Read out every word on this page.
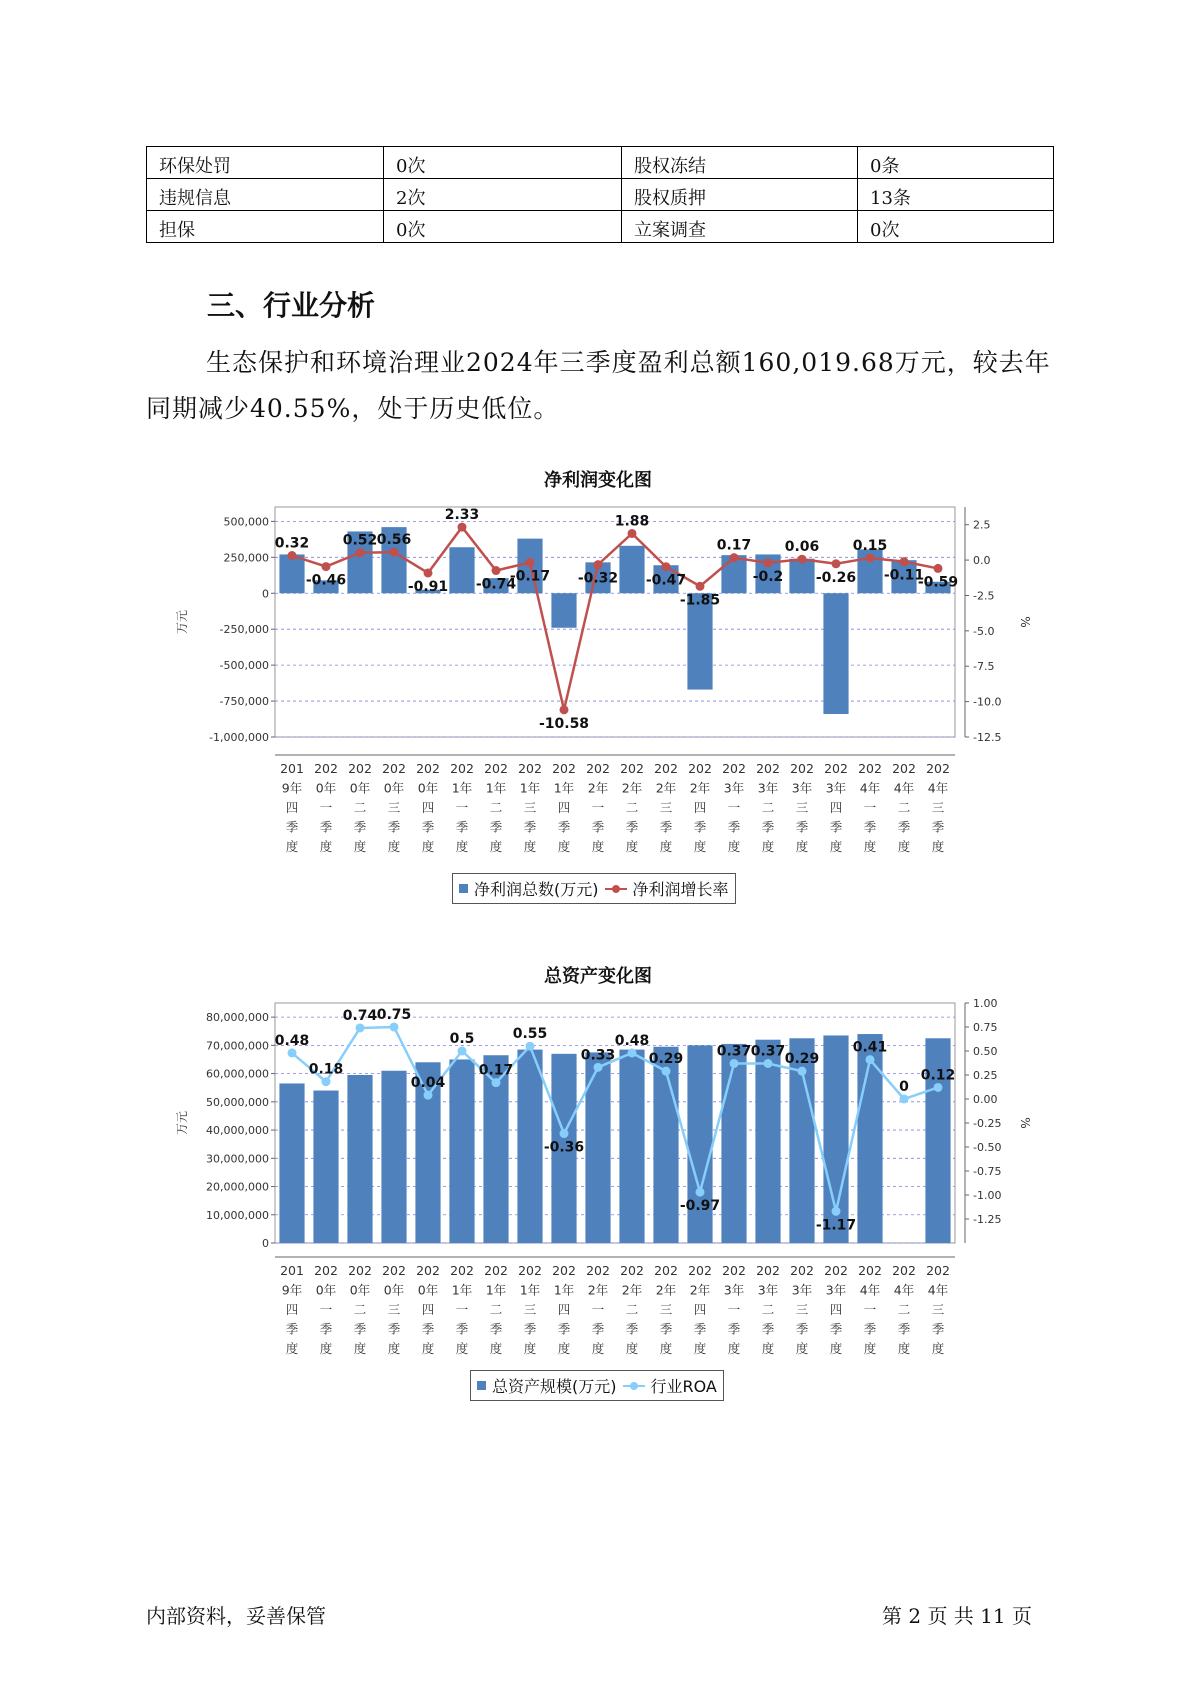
环保处罚	0次	股权冻结	0条
违规信息	2次	股权质押	13条
担保	0次	立案调查	0次
三、行业分析
生态保护和环境治理业2024年三季度盈利总额160,019.68万元，较去年同期减少40.55%，处于历史低位。
净利润变化图
500,000
250,000
0
-250,000
-500,000
-750,000
-1,000,000
2.5
0.0
-2.5
-5.0
-7.5
-10.0
-12.5
万元	%
0.32
-0.46
0.52 0.56
-0.91
2.33
-0.74
-0.17
-10.58
-0.32
1.88
-0.47
-1.85
0.17
-0.2
0.06
-0.26
0.15
-0.11
-0.59
201
9年
四
季
度
202
0年
一
季
度
202
0年
二
季
度
202
0年
三
季
度
202
0年
四
季
度
202
1年
一
季
度
202
1年
二
季
度
202
1年
三
季
度
202
1年
四
季
度
202
2年
一
季
度
202
2年
二
季
度
202
2年
三
季
度
202
2年
四
季
度
202
3年
一
季
度
202
3年
二
季
度
202
3年
三
季
度
202
3年
四
季
度
202
4年
一
季
度
202
4年
二
季
度
202
4年
三
季
度
净利润总数(万元) 净利润增长率
总资产变化图
80,000,000
70,000,000
60,000,000
50,000,000
40,000,000
30,000,000
20,000,000
10,000,000
0
1.00
0.75
0.50
0.25
0.00
-0.25
-0.50
-0.75
-1.00
-1.25
万元	%
0.48
0.18
0.74 0.75
0.04
0.5
0.17
0.55
-0.36
0.33
0.48
0.29
-0.97
0.37 0.37 0.29
-1.17
0.41
0
0.12
201
9年
四
季
度
202
0年
一
季
度
202
0年
二
季
度
202
0年
三
季
度
202
0年
四
季
度
202
1年
一
季
度
202
1年
二
季
度
202
1年
三
季
度
202
1年
四
季
度
202
2年
一
季
度
202
2年
二
季
度
202
2年
三
季
度
202
2年
四
季
度
202
3年
一
季
度
202
3年
二
季
度
202
3年
三
季
度
202
3年
四
季
度
202
4年
一
季
度
202
4年
二
季
度
202
4年
三
季
度
总资产规模(万元) 行业ROA
内部资料，妥善保管	第 2 页 共 11 页
